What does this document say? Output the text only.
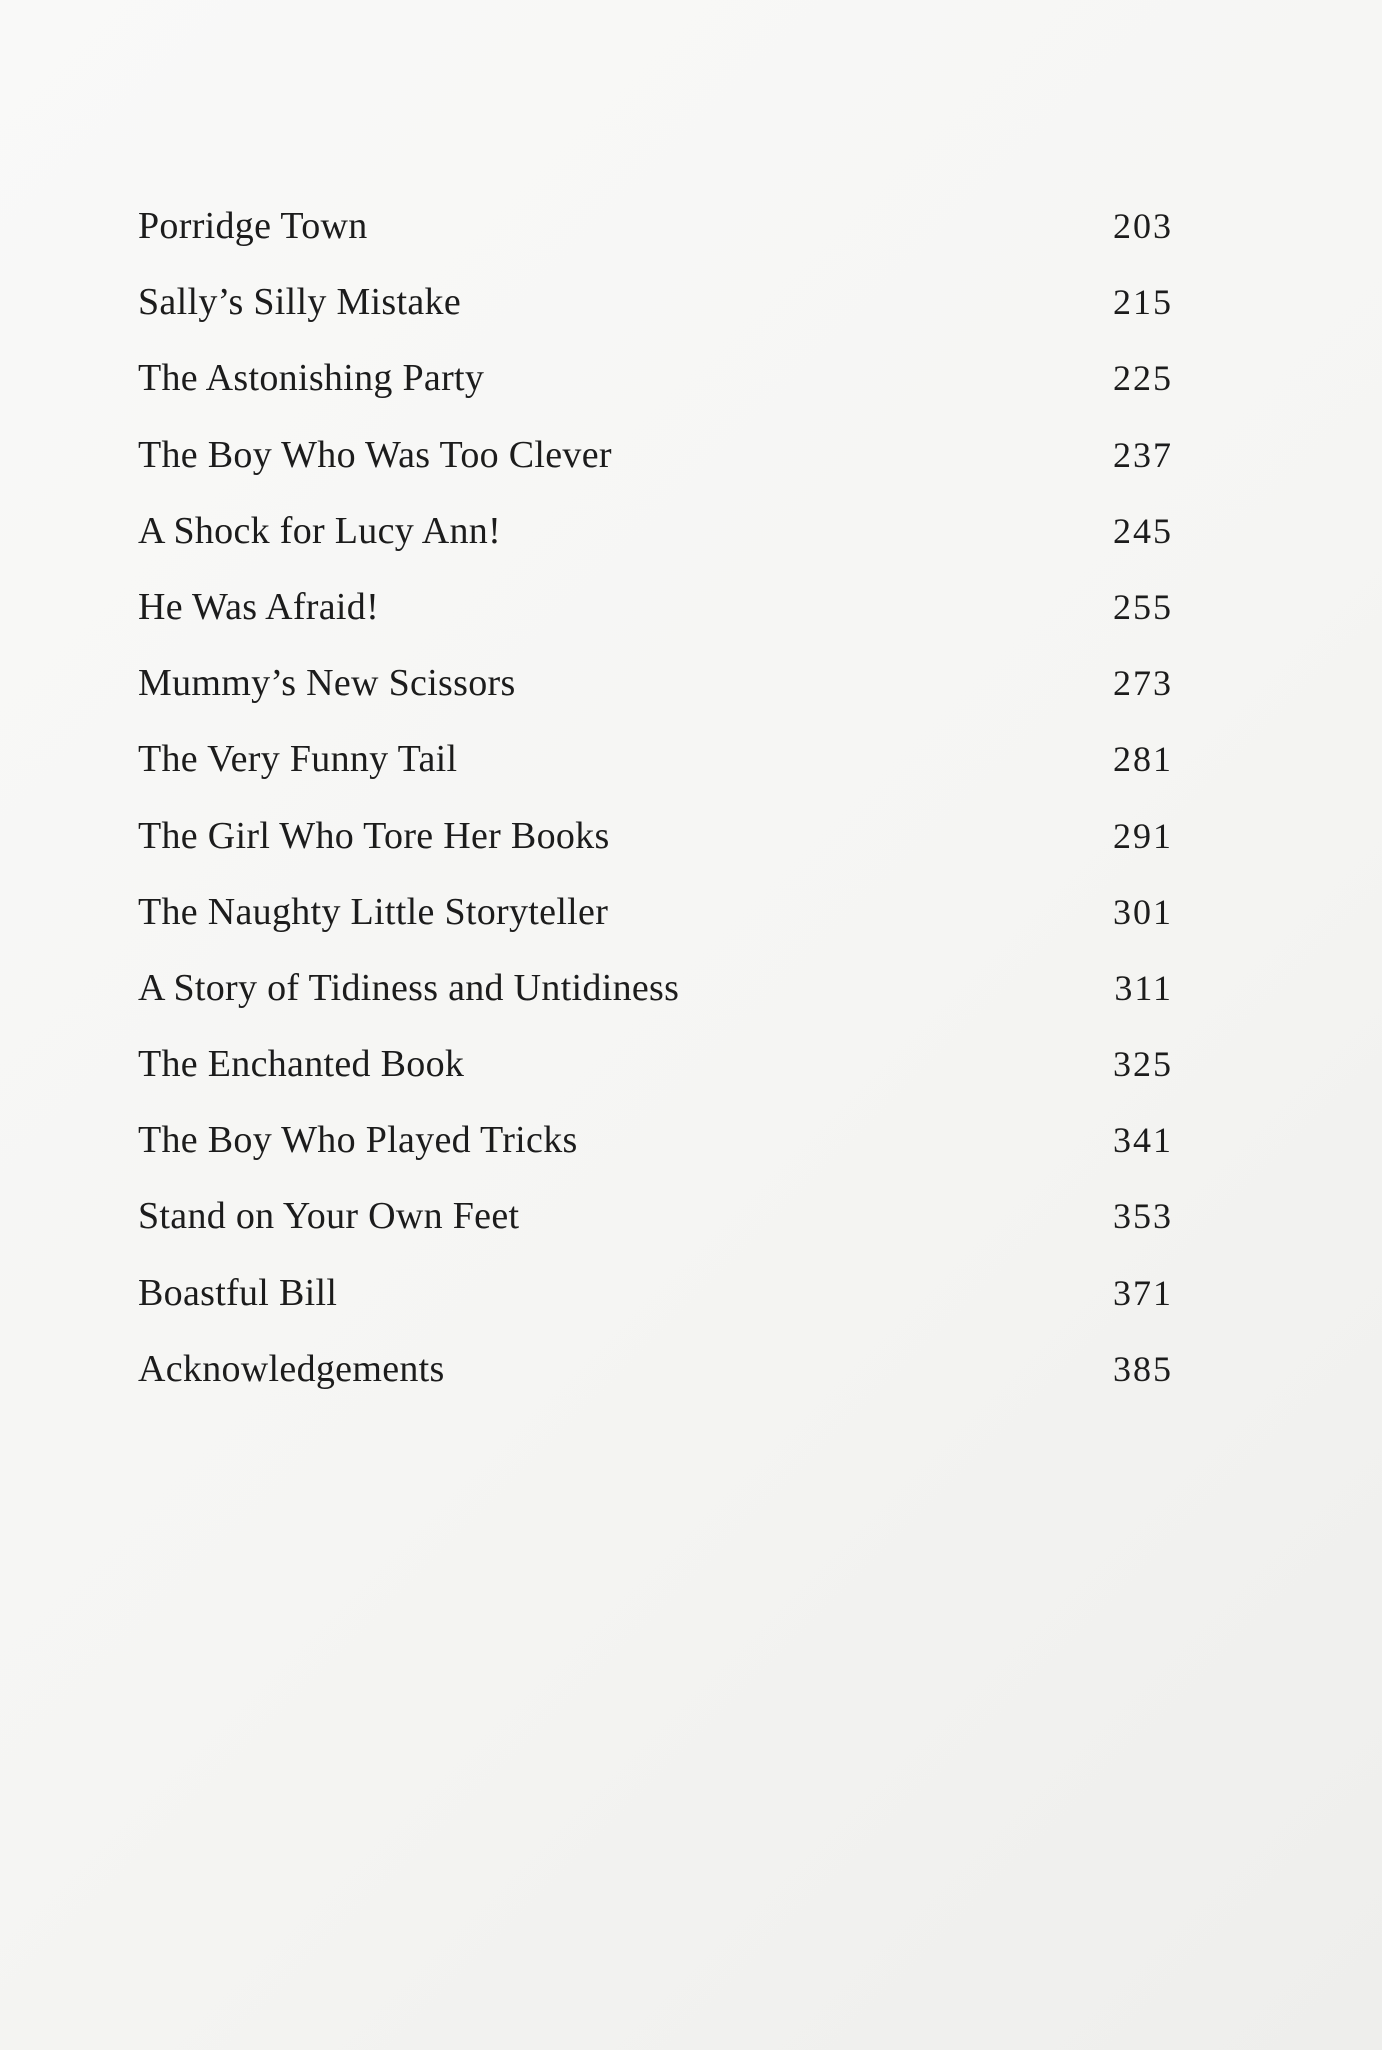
Porridge Town	203
Sally’s Silly Mistake	215
The Astonishing Party	225
The Boy Who Was Too Clever	237
A Shock for Lucy Ann!	245
He Was Afraid!	255
Mummy’s New Scissors	273
The Very Funny Tail	281
The Girl Who Tore Her Books	291
The Naughty Little Storyteller	301
A Story of Tidiness and Untidiness	311
The Enchanted Book	325
The Boy Who Played Tricks	341
Stand on Your Own Feet	353
Boastful Bill	371
Acknowledgements	385
